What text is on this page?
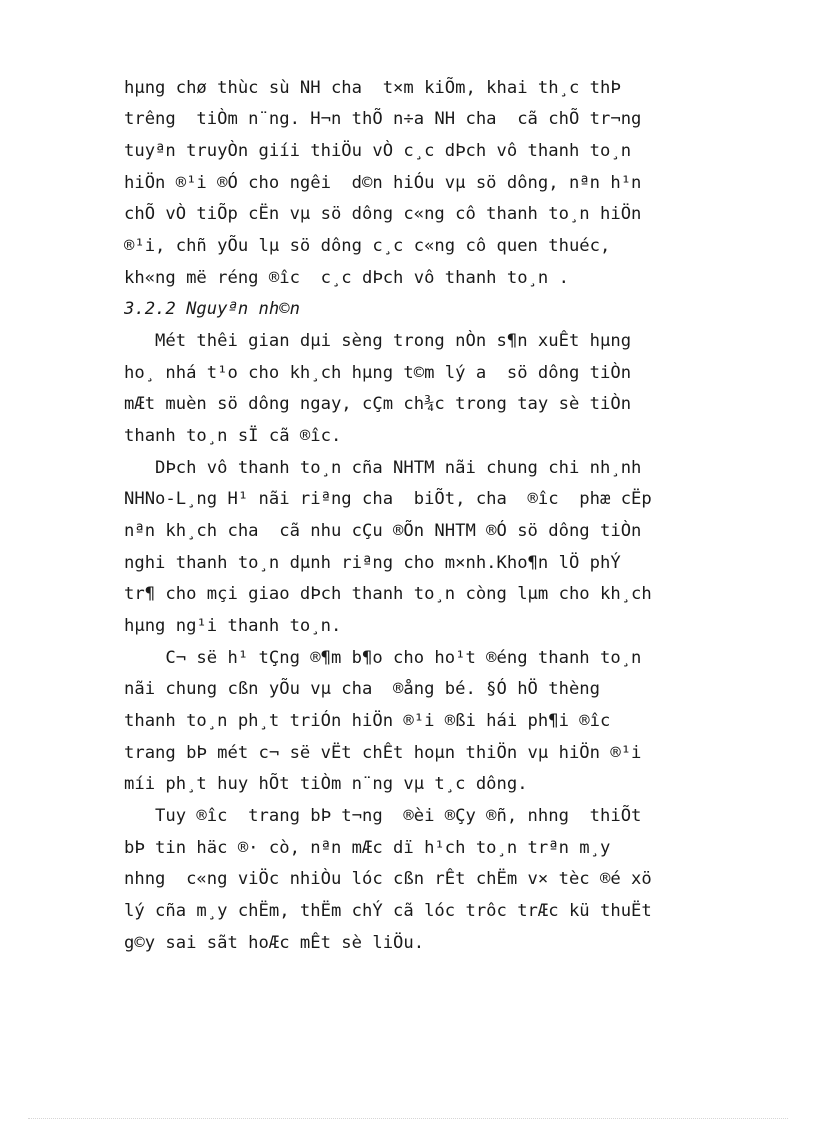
hµng chø thùc sù NH cha  t×m kiÕm, khai th¸c thÞ
trêng  tiÒm n¨ng. H¬n thÕ n÷a NH cha  cã chÕ tr¬ng
tuyªn truyÒn giíi thiÖu vÒ c¸c dÞch vô thanh to¸n
hiÖn ®¹i ®Ó cho ngêi  d©n hiÓu vµ sö dông, nªn h¹n
chÕ vÒ tiÕp cËn vµ sö dông c«ng cô thanh to¸n hiÖn
®¹i, chñ yÕu lµ sö dông c¸c c«ng cô quen thuéc,
kh«ng më réng ®îc  c¸c dÞch vô thanh to¸n .
3.2.2 Nguyªn nh©n
Mét thêi gian dµi sèng trong nÒn s¶n xuÊt hµng
ho¸ nhá t¹o cho kh¸ch hµng t©m lý a  sö dông tiÒn
mÆt muèn sö dông ngay, cÇm ch¾c trong tay sè tiÒn
thanh to¸n sÏ cã ®îc.
DÞch vô thanh to¸n cña NHTM nãi chung chi nh¸nh
NHNo-L¸ng H¹ nãi riªng cha  biÕt, cha  ®îc  phæ cËp
nªn kh¸ch cha  cã nhu cÇu ®Õn NHTM ®Ó sö dông tiÒn
nghi thanh to¸n dµnh riªng cho m×nh.Kho¶n lÖ phÝ
tr¶ cho mçi giao dÞch thanh to¸n còng lµm cho kh¸ch
hµng ng¹i thanh to¸n.
C¬ së h¹ tÇng ®¶m b¶o cho ho¹t ®éng thanh to¸n
nãi chung cßn yÕu vµ cha  ®ång bé. §Ó hÖ thèng
thanh to¸n ph¸t triÓn hiÖn ®¹i ®ßi hái ph¶i ®îc
trang bÞ mét c¬ së vËt chÊt hoµn thiÖn vµ hiÖn ®¹i
míi ph¸t huy hÕt tiÒm n¨ng vµ t¸c dông.
Tuy ®îc  trang bÞ t¬ng  ®èi ®Çy ®ñ, nhng  thiÕt
bÞ tin häc ®· cò, nªn mÆc dï h¹ch to¸n trªn m¸y
nhng  c«ng viÖc nhiÒu lóc cßn rÊt chËm v× tèc ®é xö
lý cña m¸y chËm, thËm chÝ cã lóc trôc trÆc kü thuËt
g©y sai sãt hoÆc mÊt sè liÖu.
